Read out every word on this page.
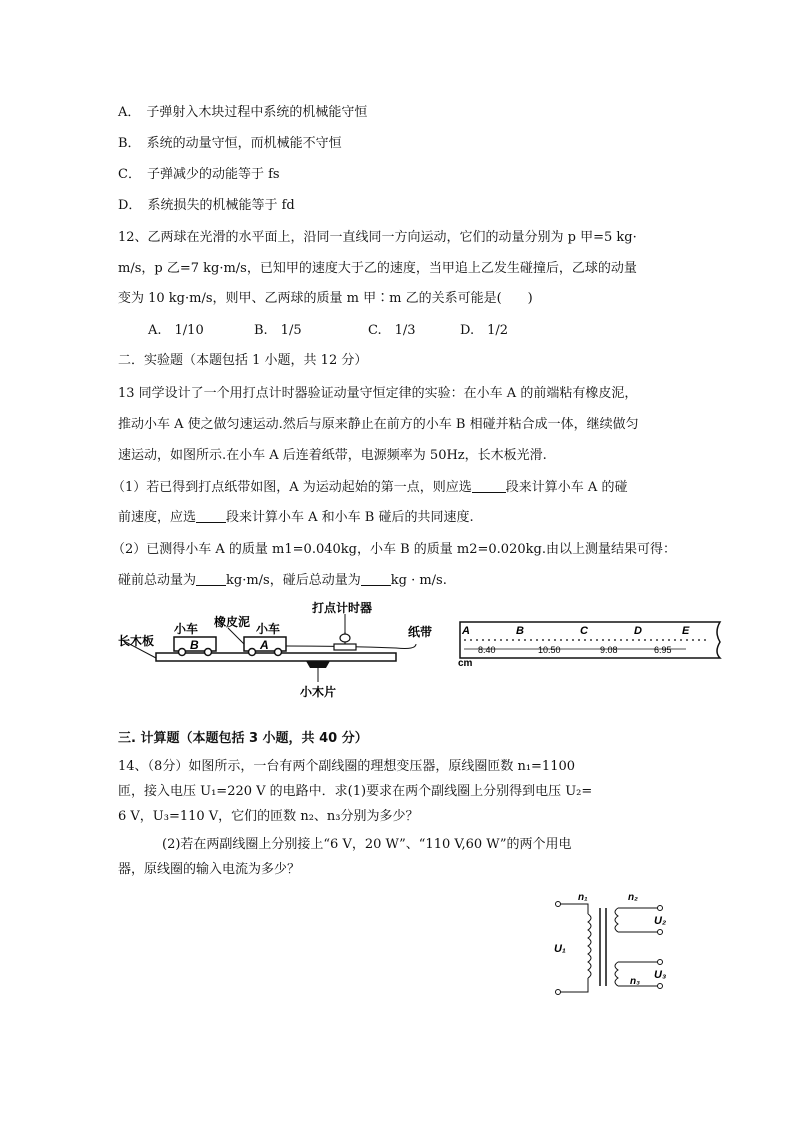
A． 子弹射入木块过程中系统的机械能守恒
B． 系统的动量守恒，而机械能不守恒
C． 子弹减少的动能等于 fs
D． 系统损失的机械能等于 fd
12、乙两球在光滑的水平面上，沿同一直线同一方向运动，它们的动量分别为 p 甲=5 kg·
m/s，p 乙=7 kg·m/s，已知甲的速度大于乙的速度，当甲追上乙发生碰撞后，乙球的动量
变为 10 kg·m/s，则甲、乙两球的质量 m 甲∶m 乙的关系可能是(　　)
A.　1/10	B.　1/5	C.　1/3	D.　1/2
二．实验题（本题包括 1 小题，共 12 分）
13 同学设计了一个用打点计时器验证动量守恒定律的实验：在小车 A 的前端粘有橡皮泥，
推动小车 A 使之做匀速运动.然后与原来静止在前方的小车 B 相碰并粘合成一体，继续做匀
速运动，如图所示.在小车 A 后连着纸带，电源频率为 50Hz，长木板光滑.
（1）若已得到打点纸带如图，A 为运动起始的第一点，则应选	段来计算小车 A 的碰
前速度，应选 段来计算小车 A 和小车 B 碰后的共同速度.
（2）已测得小车 A 的质量 m1=0.040kg，小车 B 的质量 m2=0.020kg.由以上测量结果可得：
碰前总动量为 kg·m/s，碰后总动量为 kg · m/s.
长木板
小木片
B
小车 橡皮泥
A
小车	纸带
打点计时器
A	B	C	D	E
8.40	10.50	9.08	6.95
cm
三. 计算题（本题包括 3 小题，共 40 分）
14、（8分）如图所示，一台有两个副线圈的理想变压器，原线圈匝数 n₁=1100
匝，接入电压 U₁=220 V 的电路中．求(1)要求在两个副线圈上分别得到电压 U₂=
6 V，U₃=110 V，它们的匝数 n₂、n₃分别为多少？
(2)若在两副线圈上分别接上“6 V，20 W”、“110 V,60 W”的两个用电
器，原线圈的输入电流为多少？
n₁
U₁
n₂
U₂
n₃
U₃
